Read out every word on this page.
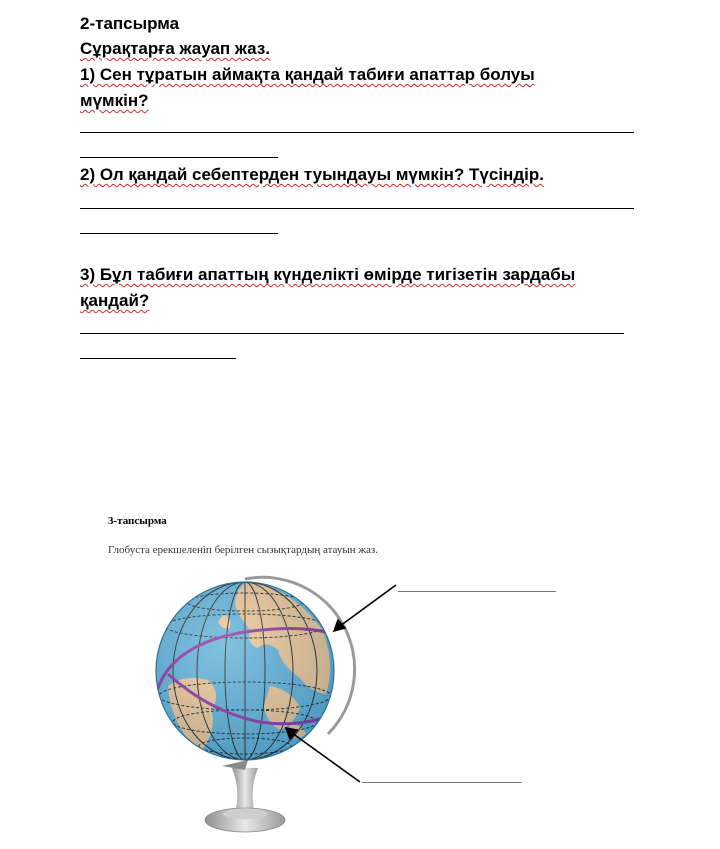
2-тапсырма
Сұрақтарға жауап жаз.
1) Сен тұратын аймақта қандай табиғи апаттар болуы
мүмкін?
2) Ол қандай себептерден туындауы мүмкін? Түсіндір.
3) Бұл табиғи апаттың күнделікті өмірде тигізетін зардабы
қандай?
3-тапсырма
Глобуста ерекшеленіп берілген сызықтардың атауын жаз.
